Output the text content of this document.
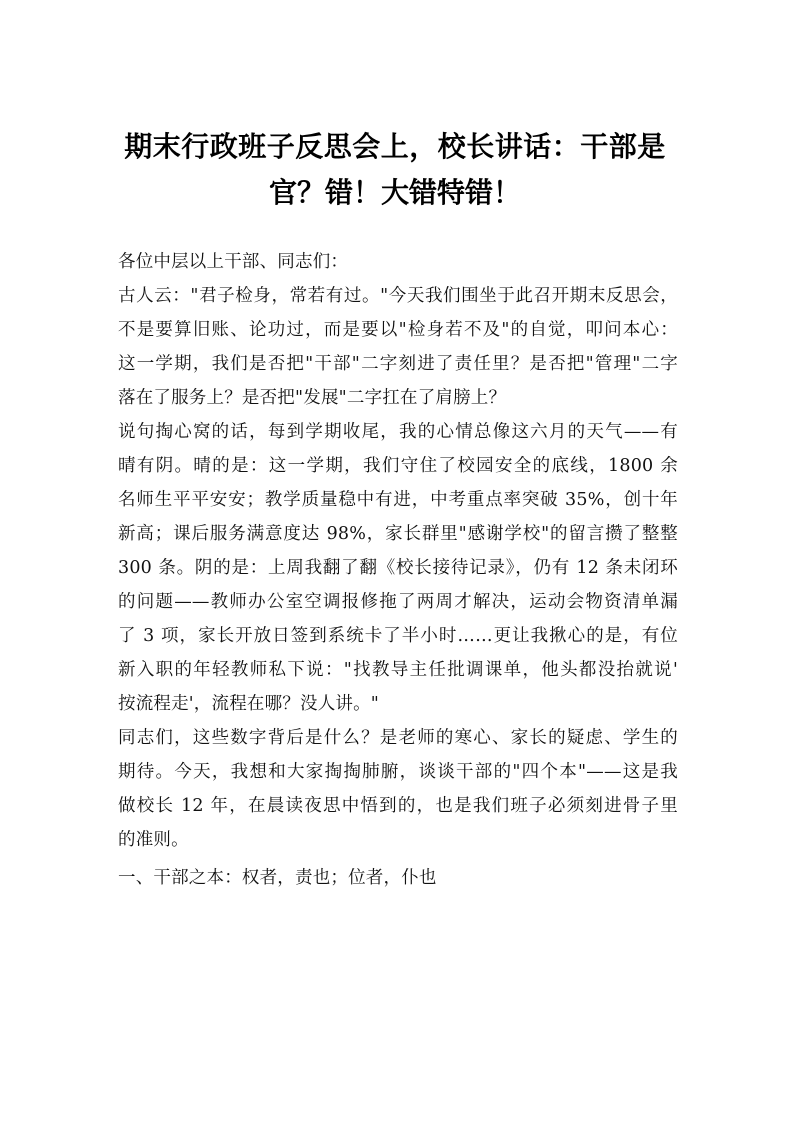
期末行政班子反思会上，校长讲话：干部是
官？错！大错特错！
各位中层以上干部、同志们：
古人云："君子检身，常若有过。"今天我们围坐于此召开期末反思会，
不是要算旧账、论功过，而是要以"检身若不及"的自觉，叩问本心：
这一学期，我们是否把"干部"二字刻进了责任里？是否把"管理"二字
落在了服务上？是否把"发展"二字扛在了肩膀上？
说句掏心窝的话，每到学期收尾，我的心情总像这六月的天气——有
晴有阴。晴的是：这一学期，我们守住了校园安全的底线，1800 余
名师生平平安安；教学质量稳中有进，中考重点率突破 35%，创十年
新高；课后服务满意度达 98%，家长群里"感谢学校"的留言攒了整整
300 条。阴的是：上周我翻了翻《校长接待记录》，仍有 12 条未闭环
的问题——教师办公室空调报修拖了两周才解决，运动会物资清单漏
了 3 项，家长开放日签到系统卡了半小时……更让我揪心的是，有位
新入职的年轻教师私下说："找教导主任批调课单，他头都没抬就说'
按流程走'，流程在哪？没人讲。"
同志们，这些数字背后是什么？是老师的寒心、家长的疑虑、学生的
期待。今天，我想和大家掏掏肺腑，谈谈干部的"四个本"——这是我
做校长 12 年，在晨读夜思中悟到的，也是我们班子必须刻进骨子里
的准则。
一、干部之本：权者，责也；位者，仆也
